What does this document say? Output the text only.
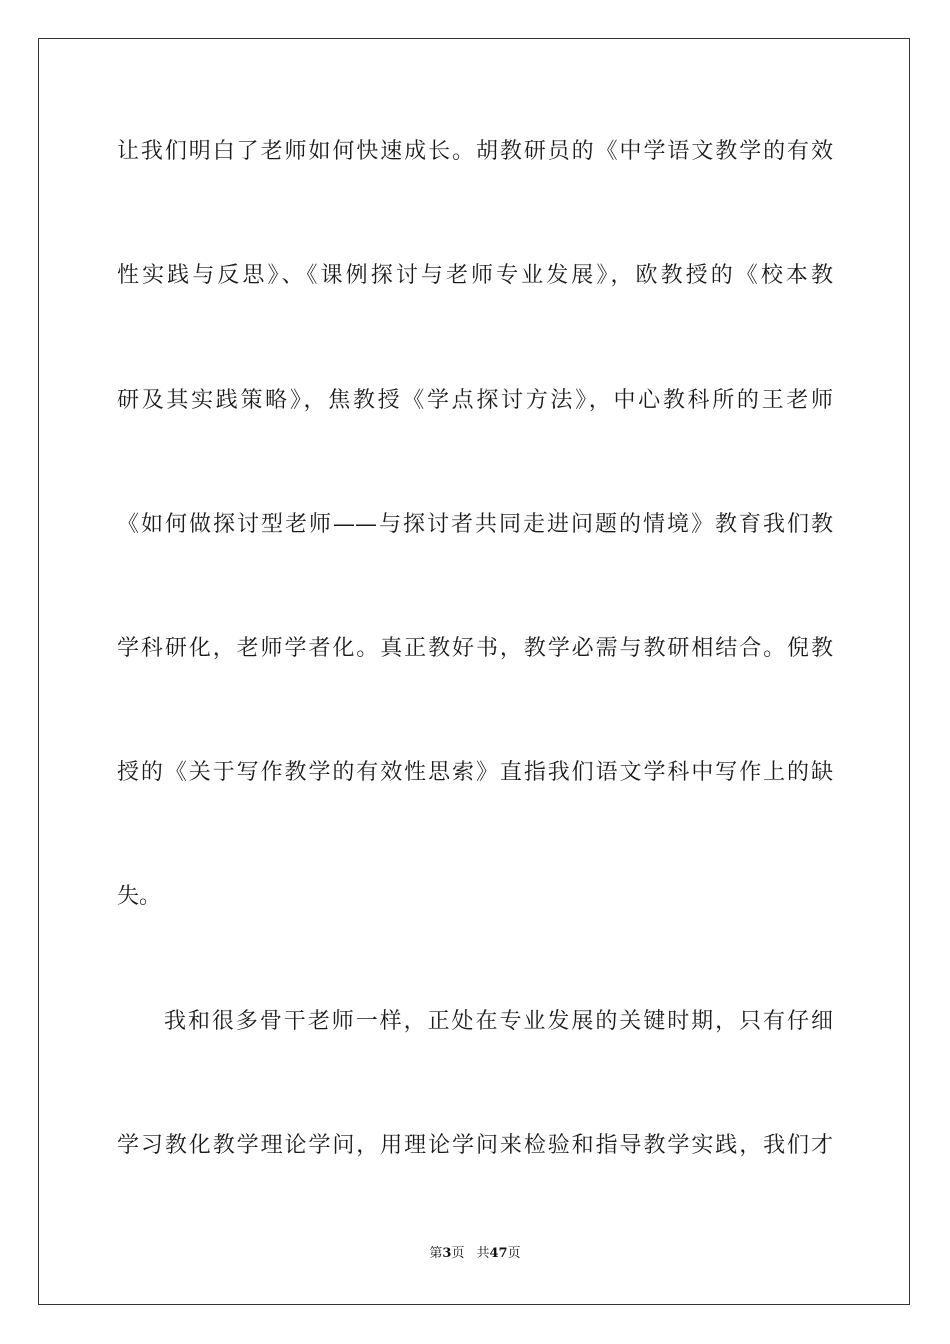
让我们明白了老师如何快速成长。胡教研员的《中学语文教学的有效
性实践与反思》、《课例探讨与老师专业发展》，欧教授的《校本教
研及其实践策略》，焦教授《学点探讨方法》，中心教科所的王老师
《如何做探讨型老师——与探讨者共同走进问题的情境》教育我们教
学科研化，老师学者化。真正教好书，教学必需与教研相结合。倪教
授的《关于写作教学的有效性思索》直指我们语文学科中写作上的缺
失。
我和很多骨干老师一样，正处在专业发展的关键时期，只有仔细
学习教化教学理论学问，用理论学问来检验和指导教学实践，我们才
第3页 共47页
